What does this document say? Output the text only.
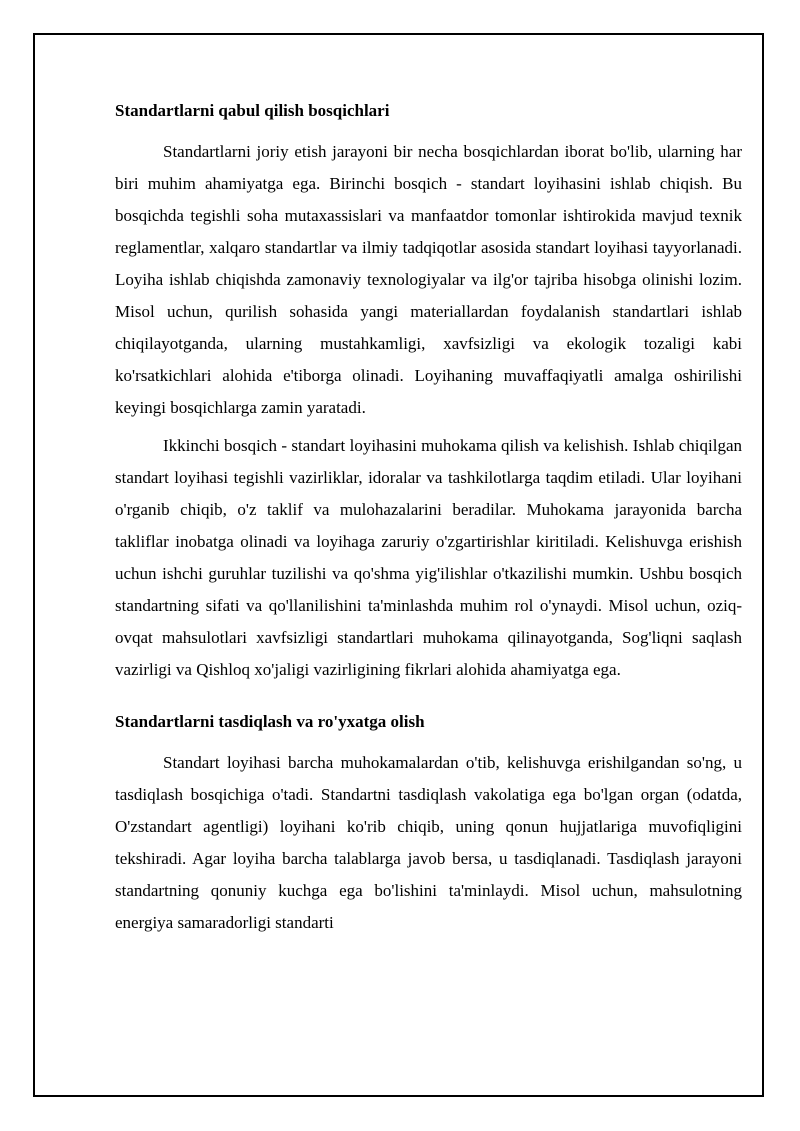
Standartlarni qabul qilish bosqichlari

Standartlarni joriy etish jarayoni bir necha bosqichlardan iborat bo'lib, ularning har biri muhim ahamiyatga ega. Birinchi bosqich - standart loyihasini ishlab chiqish. Bu bosqichda tegishli soha mutaxassislari va manfaatdor tomonlar ishtirokida mavjud texnik reglamentlar, xalqaro standartlar va ilmiy tadqiqotlar asosida standart loyihasi tayyorlanadi. Loyiha ishlab chiqishda zamonaviy texnologiyalar va ilg'or tajriba hisobga olinishi lozim. Misol uchun, qurilish sohasida yangi materiallardan foydalanish standartlari ishlab chiqilayotganda, ularning mustahkamligi, xavfsizligi va ekologik tozaligi kabi ko'rsatkichlari alohida e'tiborga olinadi. Loyihaning muvaffaqiyatli amalga oshirilishi keyingi bosqichlarga zamin yaratadi.

Ikkinchi bosqich - standart loyihasini muhokama qilish va kelishish. Ishlab chiqilgan standart loyihasi tegishli vazirliklar, idoralar va tashkilotlarga taqdim etiladi. Ular loyihani o'rganib chiqib, o'z taklif va mulohazalarini beradilar. Muhokama jarayonida barcha takliflar inobatga olinadi va loyihaga zaruriy o'zgartirishlar kiritiladi. Kelishuvga erishish uchun ishchi guruhlar tuzilishi va qo'shma yig'ilishlar o'tkazilishi mumkin. Ushbu bosqich standartning sifati va qo'llanilishini ta'minlashda muhim rol o'ynaydi. Misol uchun, oziq-ovqat mahsulotlari xavfsizligi standartlari muhokama qilinayotganda, Sog'liqni saqlash vazirligi va Qishloq xo'jaligi vazirligining fikrlari alohida ahamiyatga ega.

Standartlarni tasdiqlash va ro'yxatga olish

Standart loyihasi barcha muhokamalardan o'tib, kelishuvga erishilgandan so'ng, u tasdiqlash bosqichiga o'tadi. Standartni tasdiqlash vakolatiga ega bo'lgan organ (odatda, O'zstandart agentligi) loyihani ko'rib chiqib, uning qonun hujjatlariga muvofiqligini tekshiradi. Agar loyiha barcha talablarga javob bersa, u tasdiqlanadi. Tasdiqlash jarayoni standartning qonuniy kuchga ega bo'lishini ta'minlaydi. Misol uchun, mahsulotning energiya samaradorligi standarti
